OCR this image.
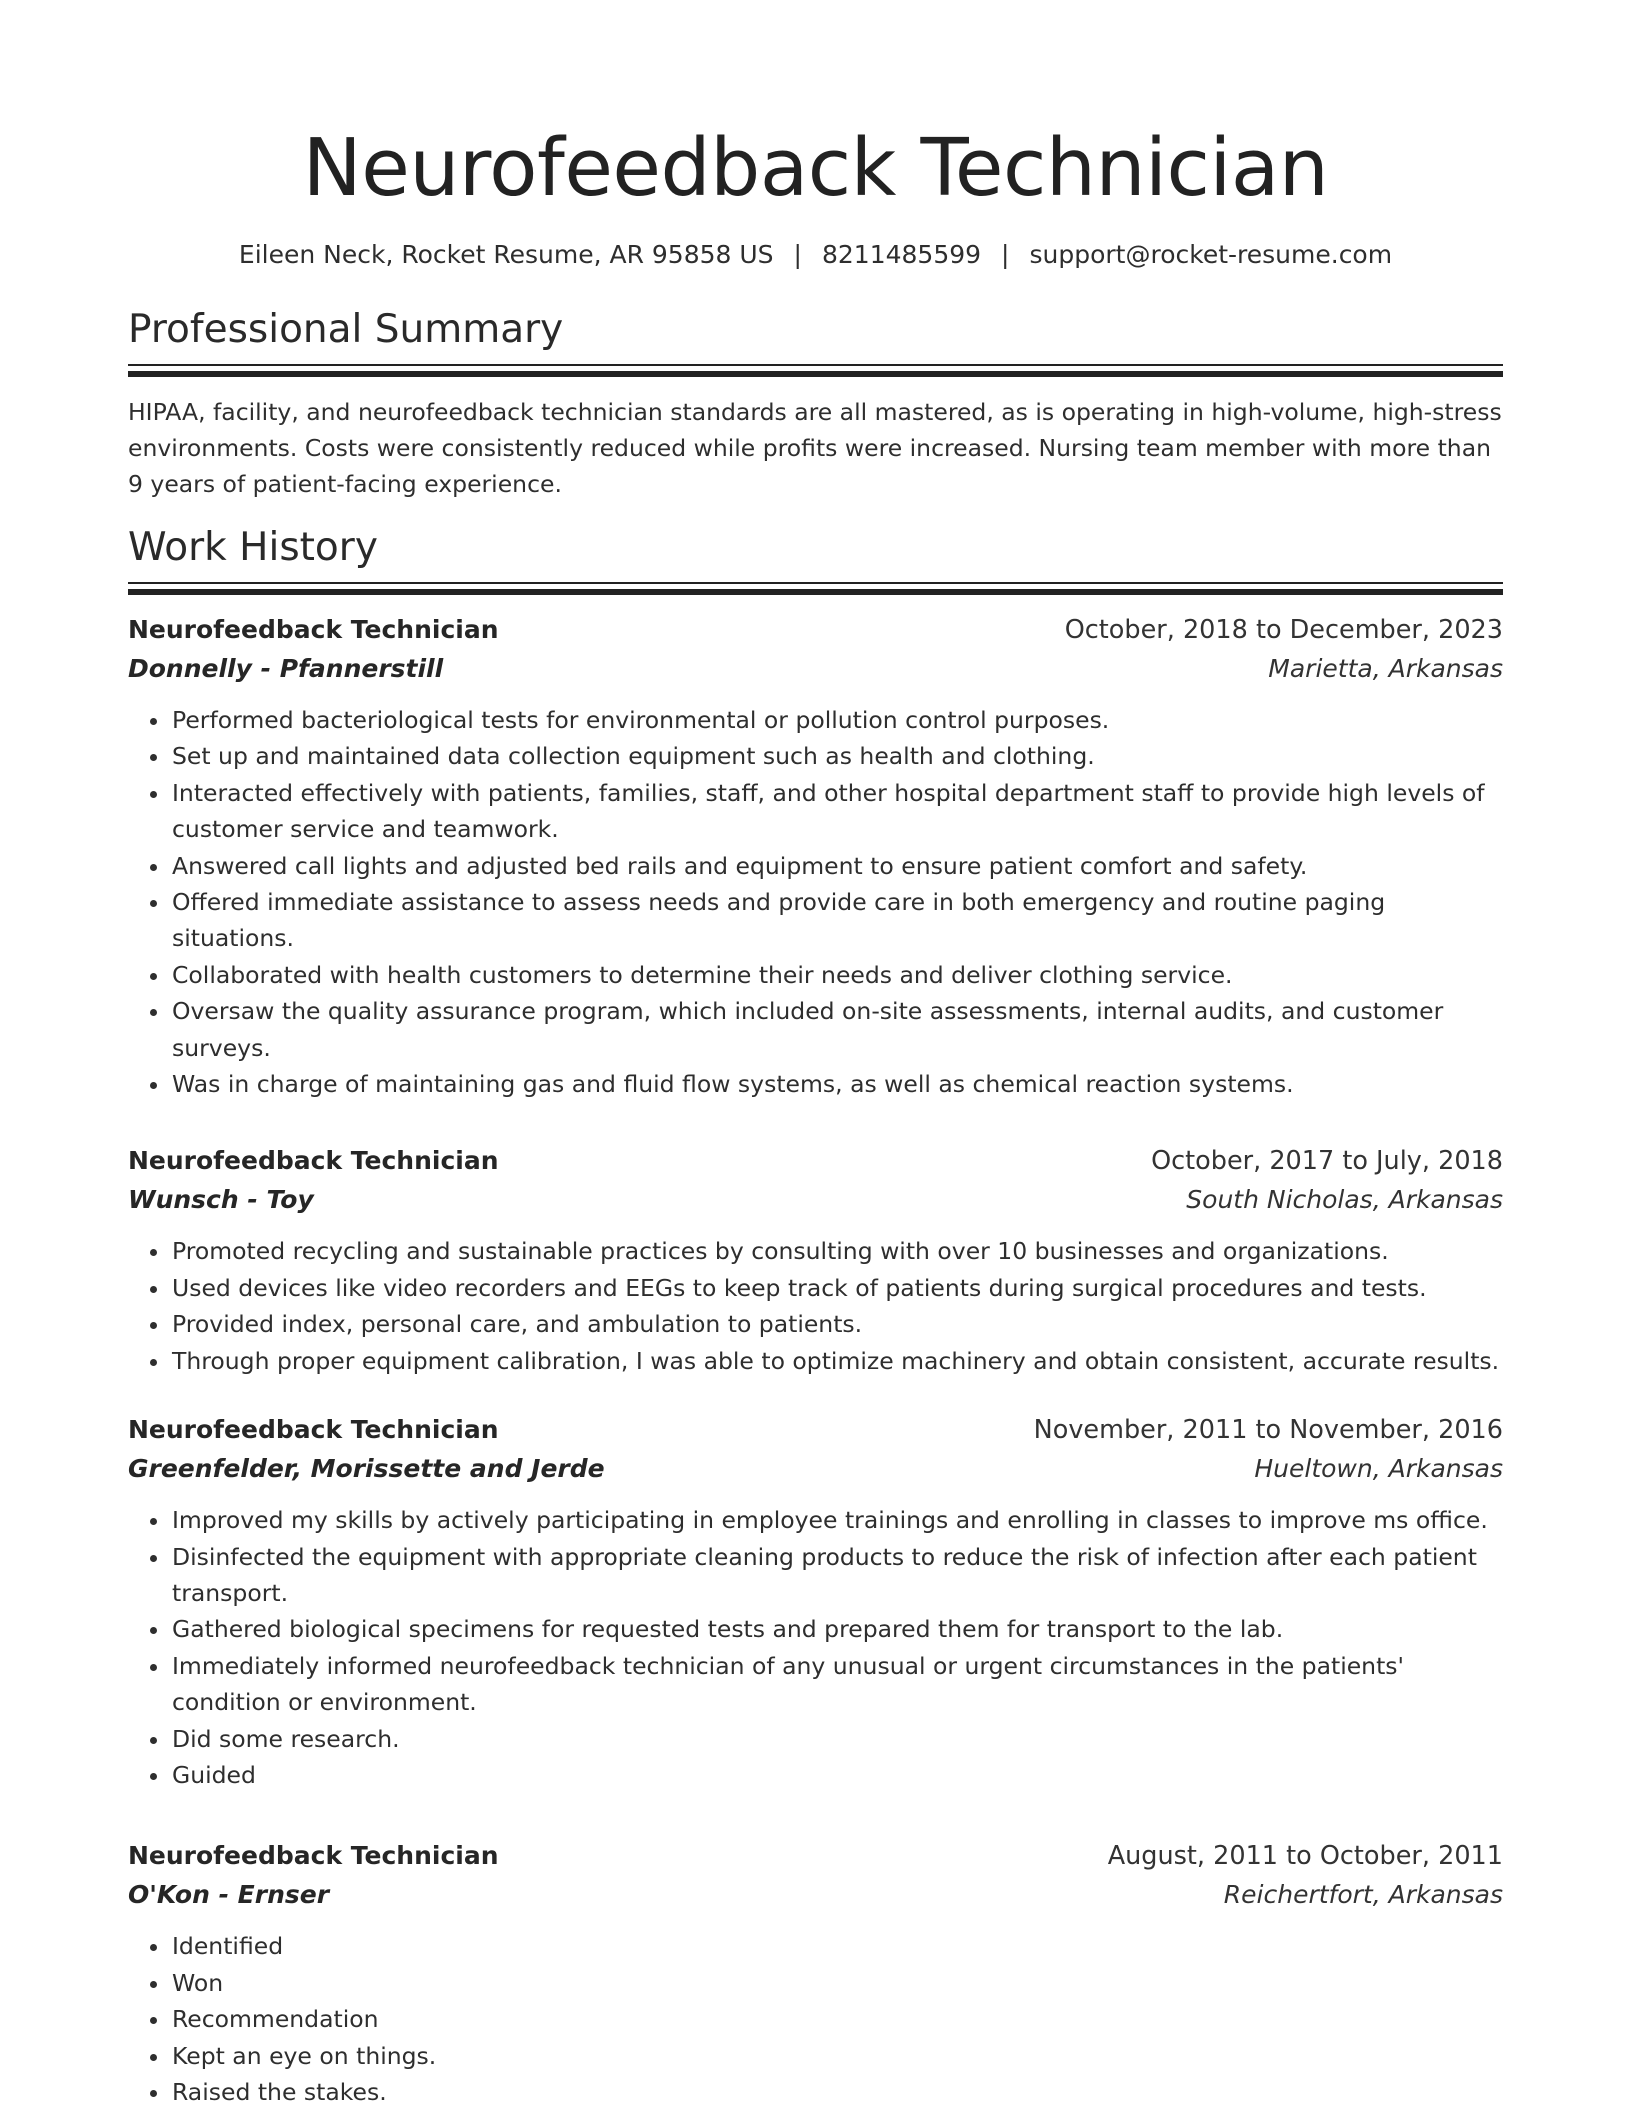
Neurofeedback Technician
Eileen Neck, Rocket Resume, AR 95858 US | 8211485599 | support@rocket-resume.com
Professional Summary

HIPAA, facility, and neurofeedback technician standards are all mastered, as is operating in high-volume, high-stress environments. Costs were consistently reduced while profits were increased. Nursing team member with more than 9 years of patient-facing experience.

Work History
Neurofeedback Technician	October, 2018 to December, 2023
Donnelly - Pfannerstill	Marietta, Arkansas
• Performed bacteriological tests for environmental or pollution control purposes.
• Set up and maintained data collection equipment such as health and clothing.
• Interacted effectively with patients, families, staff, and other hospital department staff to provide high levels of customer service and teamwork.
• Answered call lights and adjusted bed rails and equipment to ensure patient comfort and safety.
• Offered immediate assistance to assess needs and provide care in both emergency and routine paging situations.
• Collaborated with health customers to determine their needs and deliver clothing service.
• Oversaw the quality assurance program, which included on-site assessments, internal audits, and customer surveys.
• Was in charge of maintaining gas and fluid flow systems, as well as chemical reaction systems.
Neurofeedback Technician	October, 2017 to July, 2018
Wunsch - Toy	South Nicholas, Arkansas
• Promoted recycling and sustainable practices by consulting with over 10 businesses and organizations.
• Used devices like video recorders and EEGs to keep track of patients during surgical procedures and tests.
• Provided index, personal care, and ambulation to patients.
• Through proper equipment calibration, I was able to optimize machinery and obtain consistent, accurate results.
Neurofeedback Technician	November, 2011 to November, 2016
Greenfelder, Morissette and Jerde	Hueltown, Arkansas
• Improved my skills by actively participating in employee trainings and enrolling in classes to improve ms office.
• Disinfected the equipment with appropriate cleaning products to reduce the risk of infection after each patient transport.
• Gathered biological specimens for requested tests and prepared them for transport to the lab.
• Immediately informed neurofeedback technician of any unusual or urgent circumstances in the patients' condition or environment.
• Did some research.
• Guided
Neurofeedback Technician	August, 2011 to October, 2011
O'Kon - Ernser	Reichertfort, Arkansas
• Identified
• Won
• Recommendation
• Kept an eye on things.
• Raised the stakes.
